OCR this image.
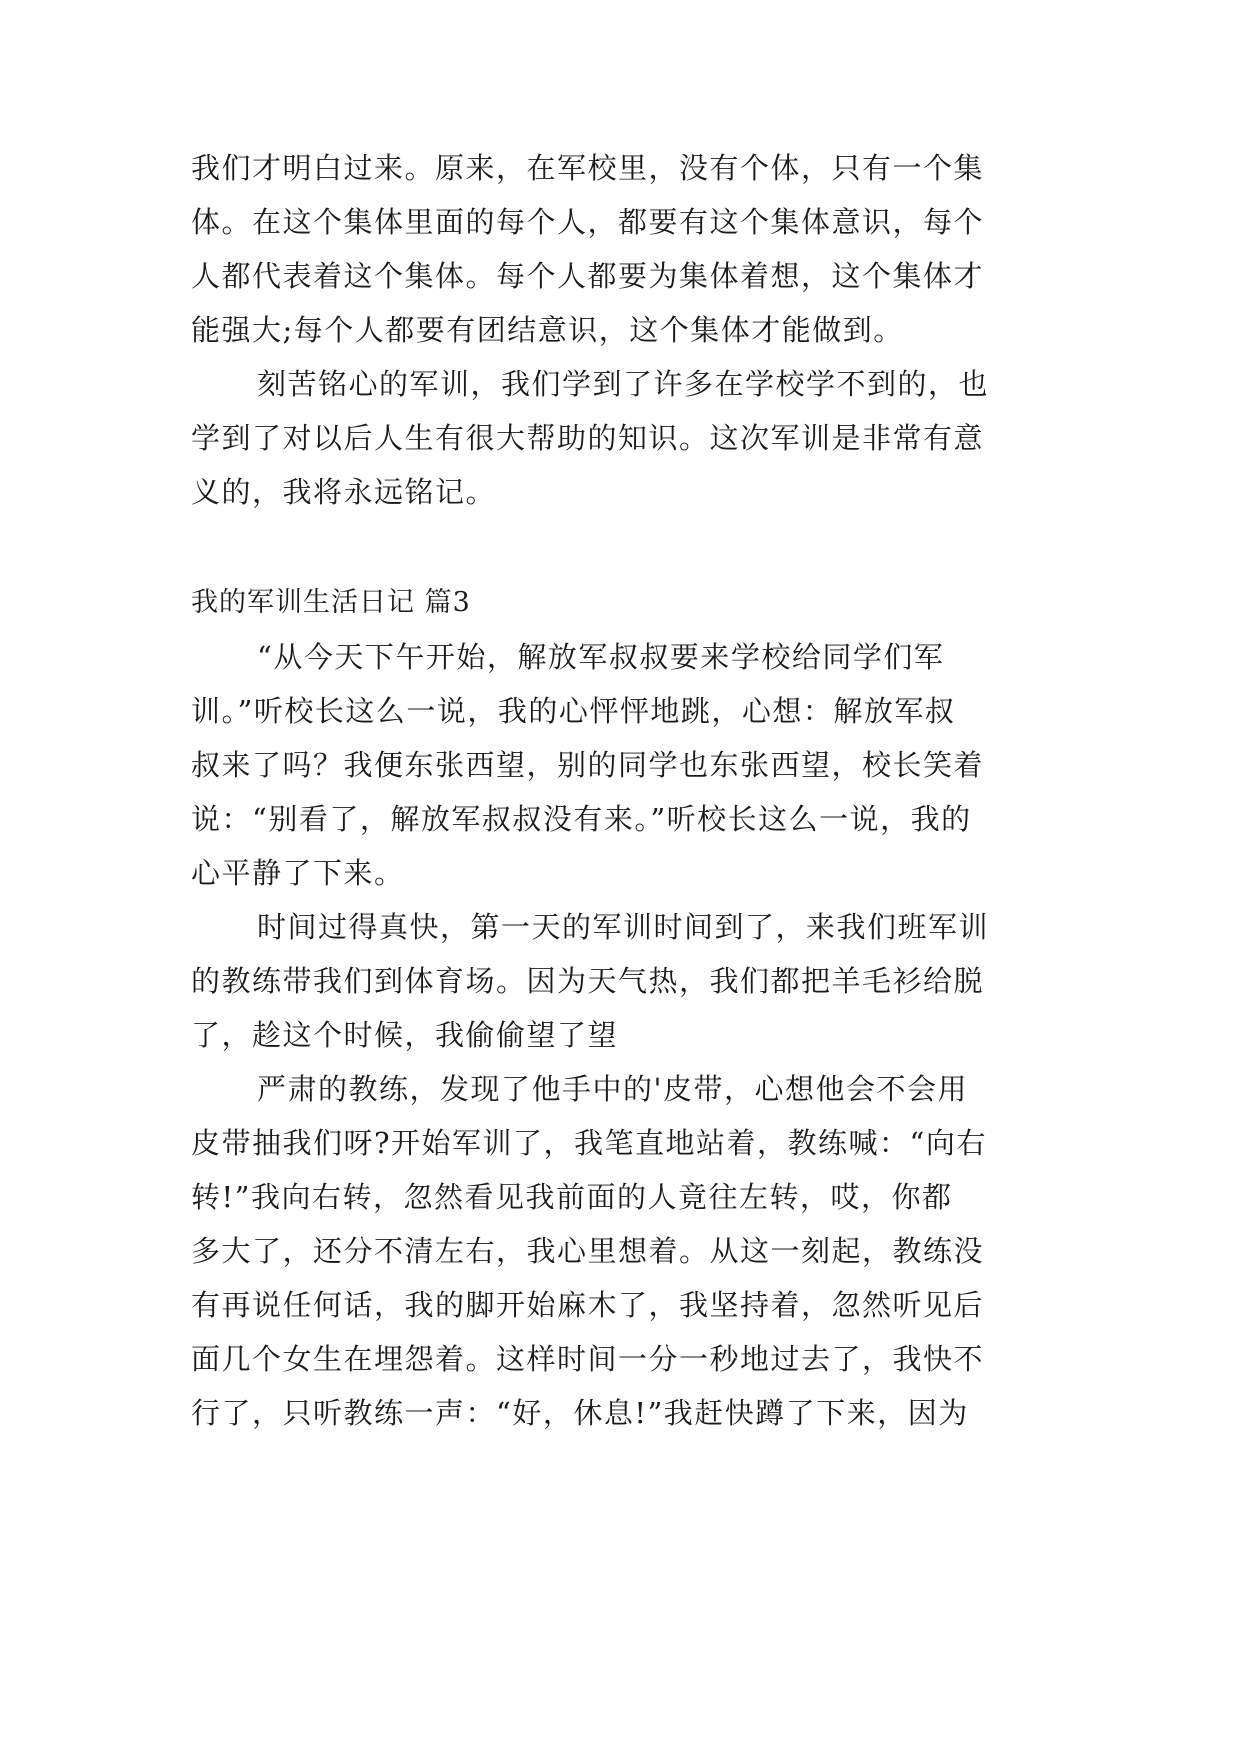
我们才明白过来。原来，在军校里，没有个体，只有一个集
体。在这个集体里面的每个人，都要有这个集体意识，每个
人都代表着这个集体。每个人都要为集体着想，这个集体才
能强大;每个人都要有团结意识，这个集体才能做到。
刻苦铭心的军训，我们学到了许多在学校学不到的，也
学到了对以后人生有很大帮助的知识。这次军训是非常有意
义的，我将永远铭记。
我的军训生活日记 篇3
“从今天下午开始，解放军叔叔要来学校给同学们军
训。”听校长这么一说，我的心怦怦地跳，心想：解放军叔
叔来了吗？我便东张西望，别的同学也东张西望，校长笑着
说：“别看了，解放军叔叔没有来。”听校长这么一说，我的
心平静了下来。
时间过得真快，第一天的军训时间到了，来我们班军训
的教练带我们到体育场。因为天气热，我们都把羊毛衫给脱
了，趁这个时候，我偷偷望了望
严肃的教练，发现了他手中的'皮带，心想他会不会用
皮带抽我们呀?开始军训了，我笔直地站着，教练喊：“向右
转!”我向右转，忽然看见我前面的人竟往左转，哎，你都
多大了，还分不清左右，我心里想着。从这一刻起，教练没
有再说任何话，我的脚开始麻木了，我坚持着，忽然听见后
面几个女生在埋怨着。这样时间一分一秒地过去了，我快不
行了，只听教练一声：“好，休息!”我赶快蹲了下来，因为
